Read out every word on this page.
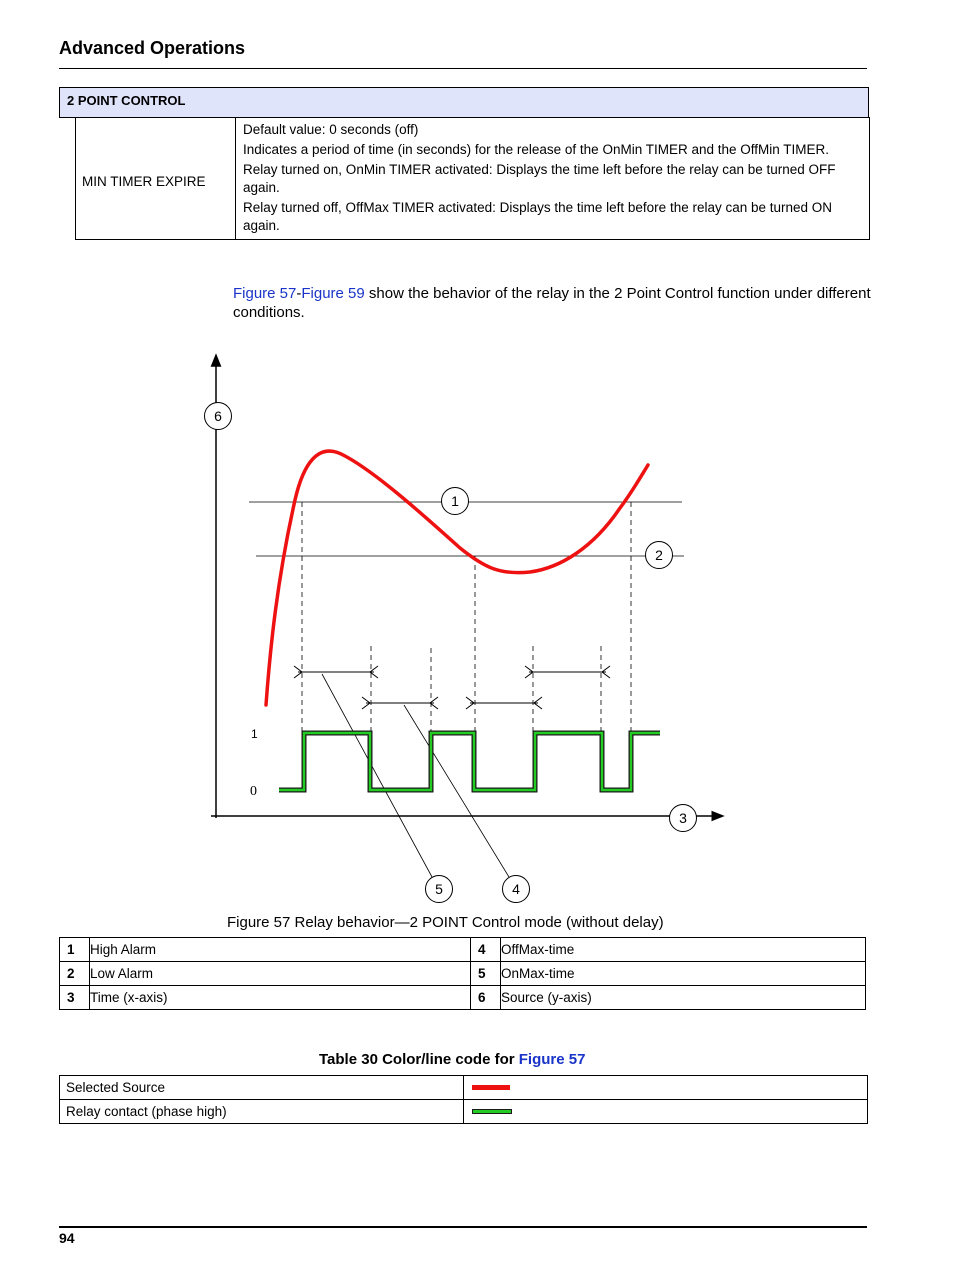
Advanced Operations
2 POINT CONTROL
MIN TIMER EXPIRE	

Default value: 0 seconds (off)

Indicates a period of time (in seconds) for the release of the OnMin TIMER and the OffMin TIMER.

Relay turned on, OnMin TIMER activated: Displays the time left before the relay can be turned OFF again.

Relay turned off, OffMax TIMER activated: Displays the time left before the relay can be turned ON again.

Figure 57-Figure 59 show the behavior of the relay in the 2 Point Control function under different conditions.
1
0
1
2
3
4
5
6
Figure 57 Relay behavior—2 POINT Control mode (without delay)
1	High Alarm	4	OffMax-time
2	Low Alarm	5	OnMax-time
3	Time (x-axis)	6	Source (y-axis)
Table 30 Color/line code for Figure 57
Selected Source	

Relay contact (phase high)	
94
